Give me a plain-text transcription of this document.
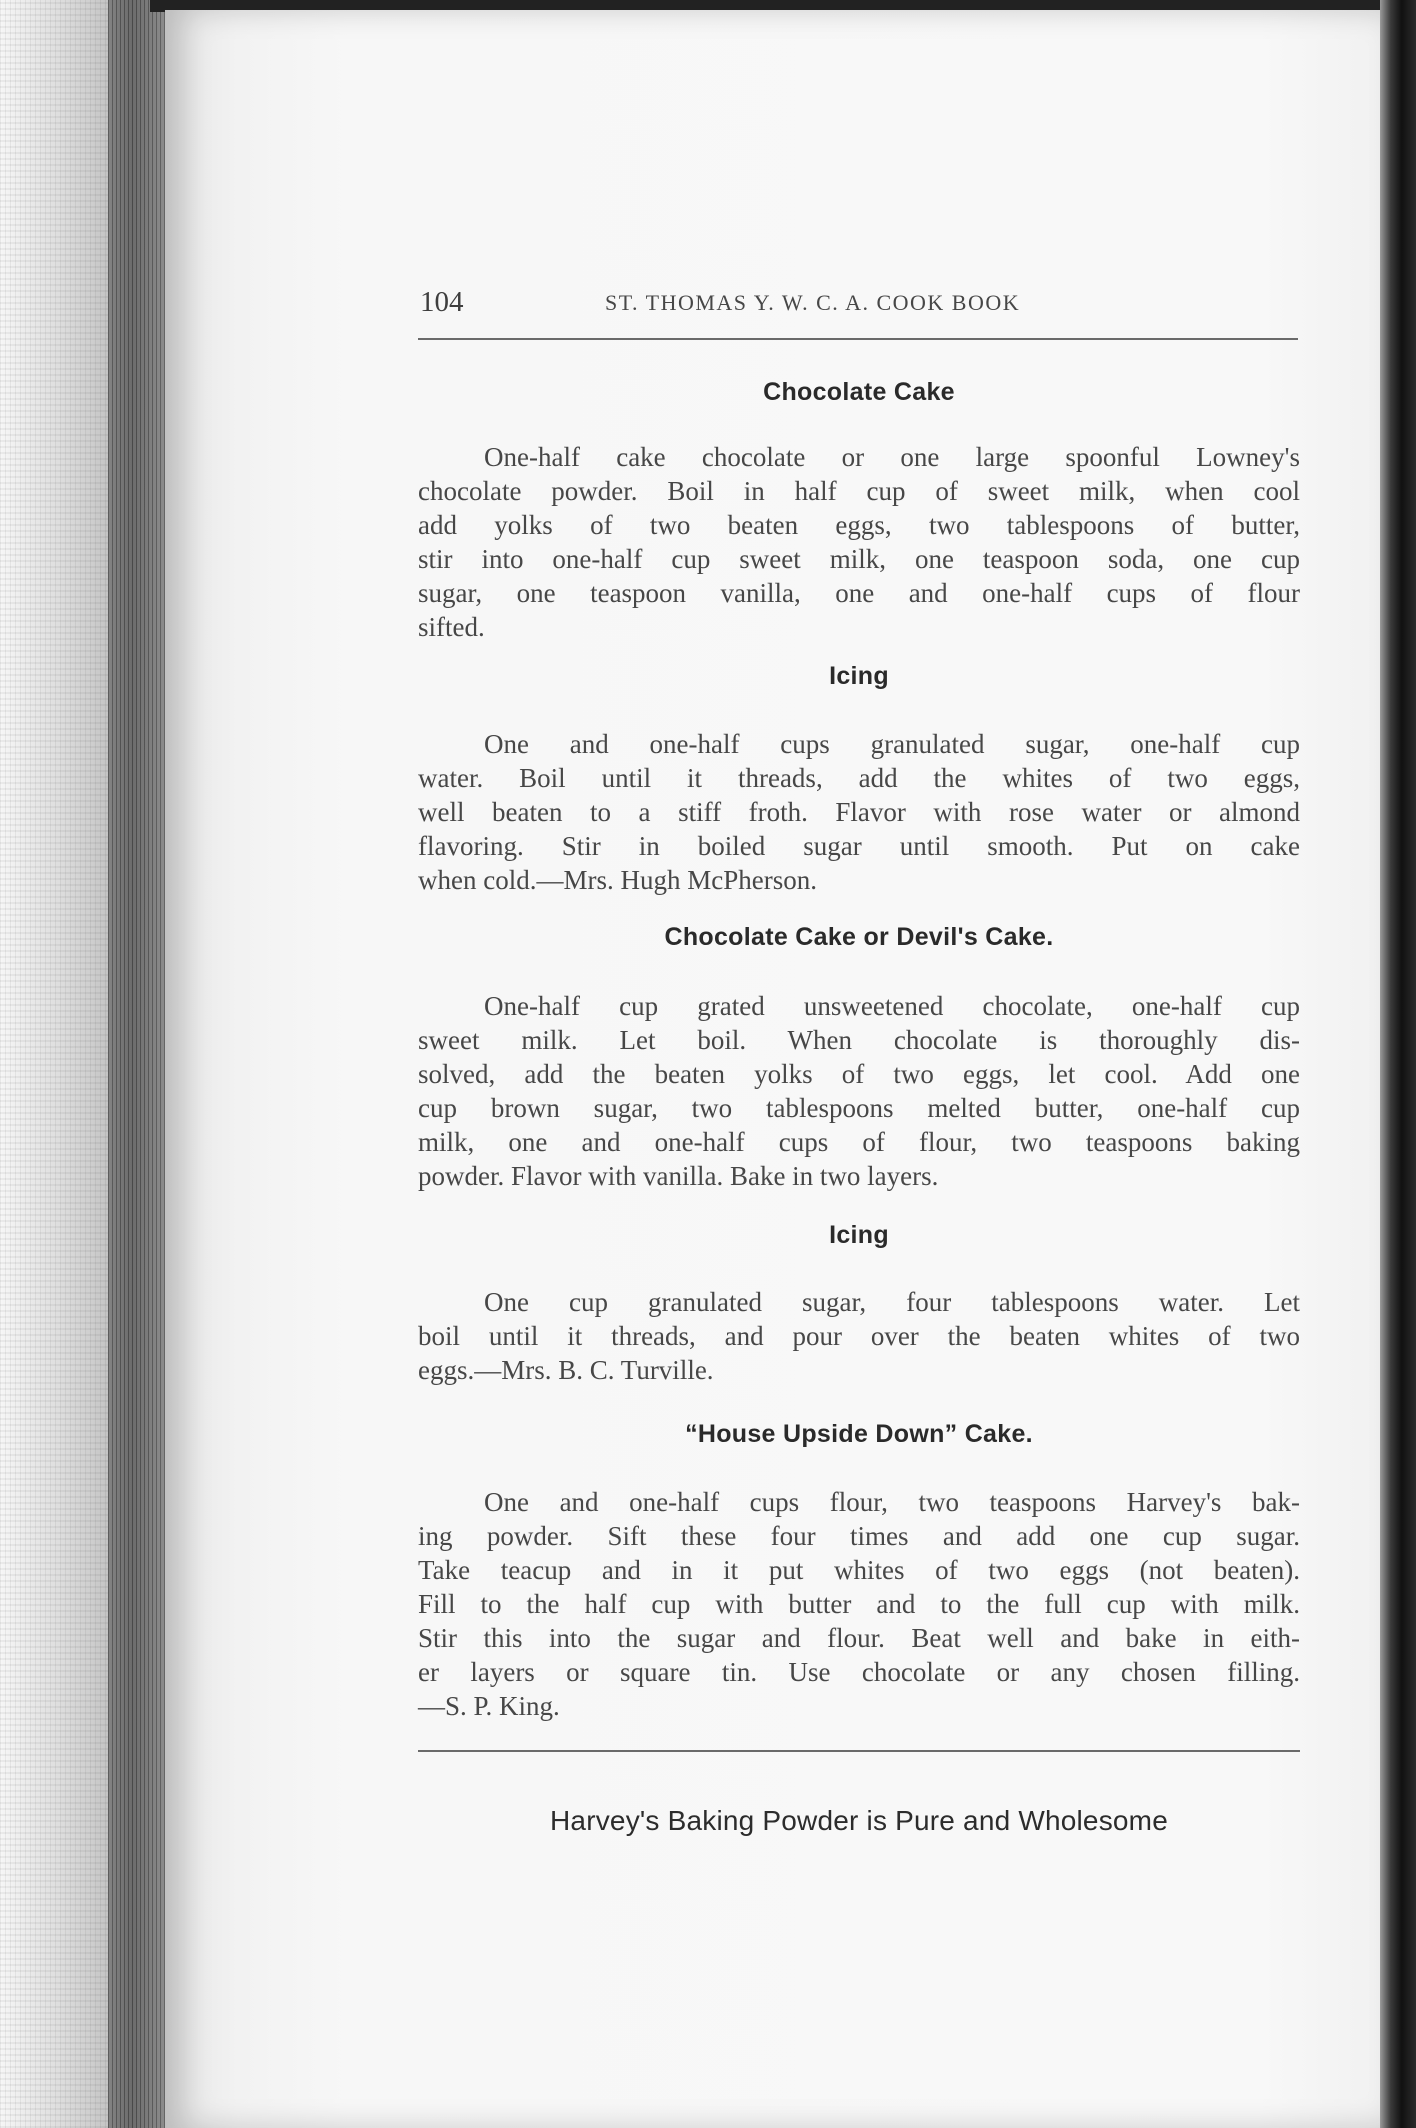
104	ST. THOMAS Y. W. C. A. COOK BOOK
Chocolate Cake
One-half cake chocolate or one large spoonful Lowney's
chocolate powder. Boil in half cup of sweet milk, when cool
add yolks of two beaten eggs, two tablespoons of butter,
stir into one-half cup sweet milk, one teaspoon soda, one cup
sugar, one teaspoon vanilla, one and one-half cups of flour
sifted.
Icing
One and one-half cups granulated sugar, one-half cup
water. Boil until it threads, add the whites of two eggs,
well beaten to a stiff froth. Flavor with rose water or almond
flavoring. Stir in boiled sugar until smooth. Put on cake
when cold.—Mrs. Hugh McPherson.
Chocolate Cake or Devil's Cake.
One-half cup grated unsweetened chocolate, one-half cup
sweet milk. Let boil. When chocolate is thoroughly dis-
solved, add the beaten yolks of two eggs, let cool. Add one
cup brown sugar, two tablespoons melted butter, one-half cup
milk, one and one-half cups of flour, two teaspoons baking
powder. Flavor with vanilla. Bake in two layers.
Icing
One cup granulated sugar, four tablespoons water. Let
boil until it threads, and pour over the beaten whites of two
eggs.—Mrs. B. C. Turville.
“House Upside Down” Cake.
One and one-half cups flour, two teaspoons Harvey's bak-
ing powder. Sift these four times and add one cup sugar.
Take teacup and in it put whites of two eggs (not beaten).
Fill to the half cup with butter and to the full cup with milk.
Stir this into the sugar and flour. Beat well and bake in eith-
er layers or square tin. Use chocolate or any chosen filling.
—S. P. King.
Harvey's Baking Powder is Pure and Wholesome
